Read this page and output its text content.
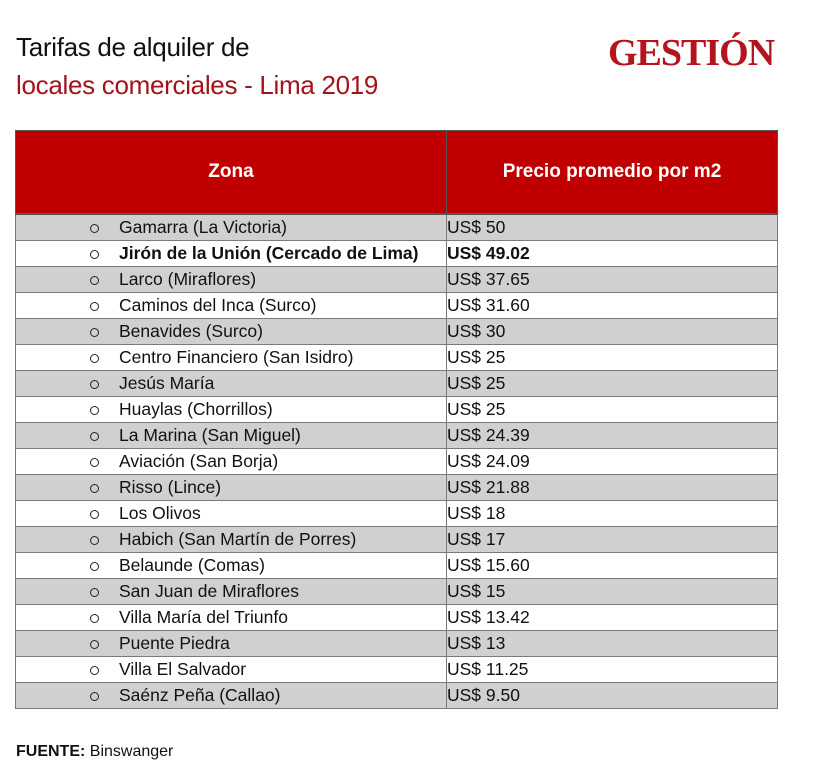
Tarifas de alquiler de
locales comerciales - Lima 2019
GESTIÓN
Zona	Precio promedio por m2
Gamarra (La Victoria)	US$ 50
Jirón de la Unión (Cercado de Lima)	US$ 49.02
Larco (Miraflores)	US$ 37.65
Caminos del Inca (Surco)	US$ 31.60
Benavides (Surco)	US$ 30
Centro Financiero (San Isidro)	US$ 25
Jesús María	US$ 25
Huaylas (Chorrillos)	US$ 25
La Marina (San Miguel)	US$ 24.39
Aviación (San Borja)	US$ 24.09
Risso (Lince)	US$ 21.88
Los Olivos	US$ 18
Habich (San Martín de Porres)	US$ 17
Belaunde (Comas)	US$ 15.60
San Juan de Miraflores	US$ 15
Villa María del Triunfo	US$ 13.42
Puente Piedra	US$ 13
Villa El Salvador	US$ 11.25
Saénz Peña (Callao)	US$ 9.50
FUENTE: Binswanger
